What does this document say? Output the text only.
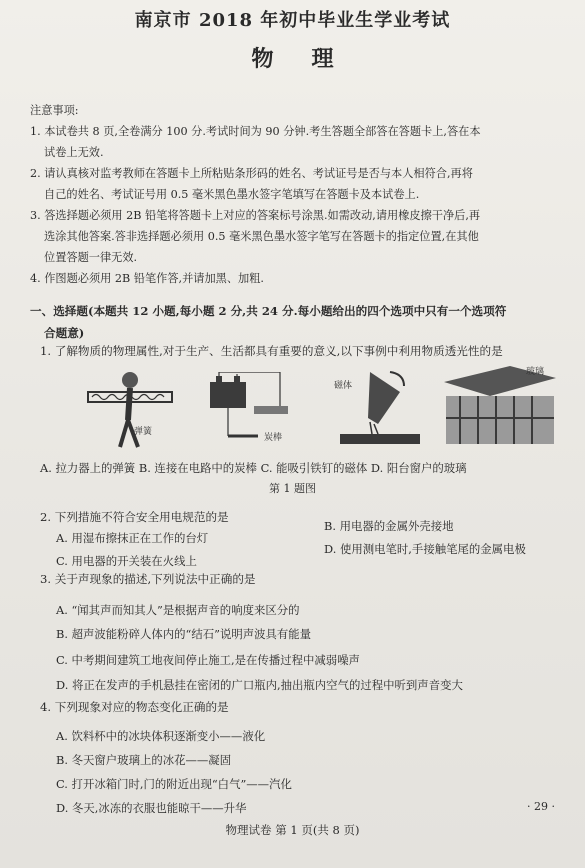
南京市 2018 年初中毕业生学业考试
物理

注意事项:

1. 本试卷共 8 页,全卷满分 100 分.考试时间为 90 分钟.考生答题全部答在答题卡上,答在本

试卷上无效.

2. 请认真核对监考教师在答题卡上所粘贴条形码的姓名、考试证号是否与本人相符合,再将

自己的姓名、考试证号用 0.5 毫米黑色墨水签字笔填写在答题卡及本试卷上.

3. 答选择题必须用 2B 铅笔将答题卡上对应的答案标号涂黑.如需改动,请用橡皮擦干净后,再

选涂其他答案.答非选择题必须用 0.5 毫米黑色墨水签字笔写在答题卡的指定位置,在其他

位置答题一律无效.

4. 作图题必须用 2B 铅笔作答,并请加黑、加粗.

一、选择题(本题共 12 小题,每小题 2 分,共 24 分.每小题给出的四个选项中只有一个选项符
合题意)
1. 了解物质的物理属性,对于生产、生活都具有重要的意义,以下事例中利用物质透光性的是
弹簧
炭棒
磁体
玻璃
A. 拉力器上的弹簧 B. 连接在电路中的炭棒 C. 能吸引铁钉的磁体 D. 阳台窗户的玻璃
第 1 题图
2. 下列措施不符合安全用电规范的是
A. 用湿布擦抹正在工作的台灯
B. 用电器的金属外壳接地
C. 用电器的开关装在火线上
D. 使用测电笔时,手接触笔尾的金属电极
3. 关于声现象的描述,下列说法中正确的是
A. “闻其声而知其人”是根据声音的响度来区分的
B. 超声波能粉碎人体内的“结石”说明声波具有能量
C. 中考期间建筑工地夜间停止施工,是在传播过程中减弱噪声
D. 将正在发声的手机悬挂在密闭的广口瓶内,抽出瓶内空气的过程中听到声音变大
4. 下列现象对应的物态变化正确的是
A. 饮料杯中的冰块体积逐渐变小——液化
B. 冬天窗户玻璃上的冰花——凝固
C. 打开冰箱门时,门的附近出现“白气”——汽化
D. 冬天,冰冻的衣服也能晾干——升华	· 29 ·
物理试卷 第 1 页(共 8 页)
